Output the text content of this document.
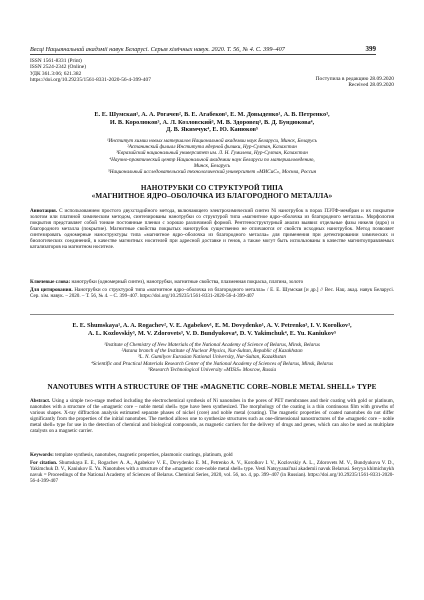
Весці Нацыянальнай акадэміі навук Беларусі. Серыя хімічных навук. 2020. Т. 56, № 4. С. 399–407	399
ISSN 1561-8331 (Print)
ISSN 2524-2342 (Online)
УДК 361.3:06; 621.382
https://doi.org/10.29235/1561-8331-2020-56-4-399-407	Поступила в редакцию 28.09.2020
Received 28.09.2020
Е. Е. Шумская¹, А. А. Рогачев², В. Е. Агабеков¹, Е. М. Довыденко¹, А. В. Петренко³,
И. В. Королюков³, А. Л. Козловский³, М. В. Здоровец³, В. Д. Бундюкова⁴,
Д. В. Якимчук⁴, Е. Ю. Канюков⁵
¹Институт химии новых материалов Национальной академии наук Беларуси, Минск, Беларусь
²Астанинский филиал Института ядерной физики, Нур-Султан, Казахстан
³Евразийский национальный университет им. Л. Н. Гумилева, Нур-Султан, Казахстан
⁴Научно-практический центр Национальной академии наук Беларуси по материаловедению,
Минск, Беларусь
⁵Национальный исследовательский технологический университет «МИСиС», Москва, Россия
НАНОТРУБКИ СО СТРУКТУРОЙ ТИПА
«МАГНИТНОЕ ЯДРО–ОБОЛОЧКА ИЗ БЛАГОРОДНОГО МЕТАЛЛА»
Аннотация. С использованием простого двухстадийного метода, включающего электрохимический синтез Ni нанотрубок в порах ПЭТФ-мембран и их покрытие золотом или платиной химическим методом, синтезированы нанотрубки со структурой типа «магнитное ядро–оболочка из благородного металла». Морфология покрытия представляет собой тонкие постоянные пленки с хорошо различимой формой. Рентгеноструктурный анализ выявил отдельные фазы никеля (ядро) и благородного металла (покрытие). Магнитные свойства покрытых нанотрубок существенно не отличаются от свойств исходных нанотрубок. Метод позволяет синтезировать одномерные наноструктуры типа «магнитное ядро–оболочка из благородного металла» для применения при детектировании химических и биологических соединений, в качестве магнитных носителей при адресной доставке и генов, а также могут быть использованы в качестве магнитоуправляемых катализаторов на магнитном носителе.
Ключевые слова: нанотрубки (одномерный синтез), нанотрубки, магнитные свойства, плазменная покраска, платина, золото
Для цитирования. Нанотрубки со структурой типа «магнитное ядро–оболочка из благородного металла» / Е. Е. Шумская [и др.] // Вес. Нац. акад. навук Беларусі. Сер. хім. навук. – 2020. – Т. 56, № 4. – С. 399–407. https://doi.org/10.29235/1561-8331-2020-56-4-399-407
E. E. Shumskaya¹, A. A. Rogachev², V. E. Agabekov¹, E. M. Dovydenko¹, A. V. Petrenko³, I. V. Korolkov³,
A. L. Kozlovskiy³, M. V. Zdorovets³, V. D. Bundyukova⁴, D. V. Yakimchuk⁴, E. Yu. Kaniukov⁵
¹Institute of Chemistry of New Materials of the National Academy of Science of Belarus, Minsk, Belarus
²Astana branch of the Institute of Nuclear Physics, Nur-Sultan, Republic of Kazakhstan
³L. N. Gumilyov Eurasian National University, Nur-Sultan, Kazakhstan
⁴Scientific and Practical Materials Research Center of the National Academy of Sciences of Belarus, Minsk, Belarus
⁵Research Technological University «MISiS» Moscow, Russia
NANOTUBES WITH A STRUCTURE OF THE «MAGNETIC CORE–NOBLE METAL SHELL» TYPE
Abstract. Using a simple two-stage method including the electrochemical synthesis of Ni nanotubes in the pores of PET membranes and their coating with gold or platinum, nanotubes with a structure of the «magnetic core – noble metal shell» type have been synthesized. The morphology of the coating is a thin continuous film with growths of various shapes. X-ray diffraction analysis estimated separate phases of nickel (core) and noble metal (coating). The magnetic properties of coated nanotubes do not differ significantly from the properties of the initial nanotubes. The method allows one to synthesize structures such as one-dimensional nanostructures of the «magnetic core – noble metal shell» type for use in the detection of chemical and biological compounds, as magnetic carriers for the delivery of drugs and genes, which can also be used as multiplate catalysts on a magnetic carrier.
Keywords: template synthesis, nanotubes, magnetic properties, plasmonic coatings, platinum, gold
For citation. Shumskaya E. E., Rogachev A. A., Agabekov V. E., Dovydenko E. M., Petrenko A. V., Korolkov I. V., Kozlovskiy A. L., Zdorovets M. V., Bundyukova V. D., Yakimchuk D. V., Kaniukov E. Yu. Nanotubes with a structure of the «magnetic core-noble metal shell» type. Vesti Natsyyanal'nai akademii navuk Belarusi. Seryya khimichnykh navuk = Proceedings of the National Academy of Sciences of Belarus. Chemical Series, 2020, vol. 56, no. 4, pp. 399–407 (in Russian). https://doi.org/10.29235/1561-8331-2020-56-4-399-407
